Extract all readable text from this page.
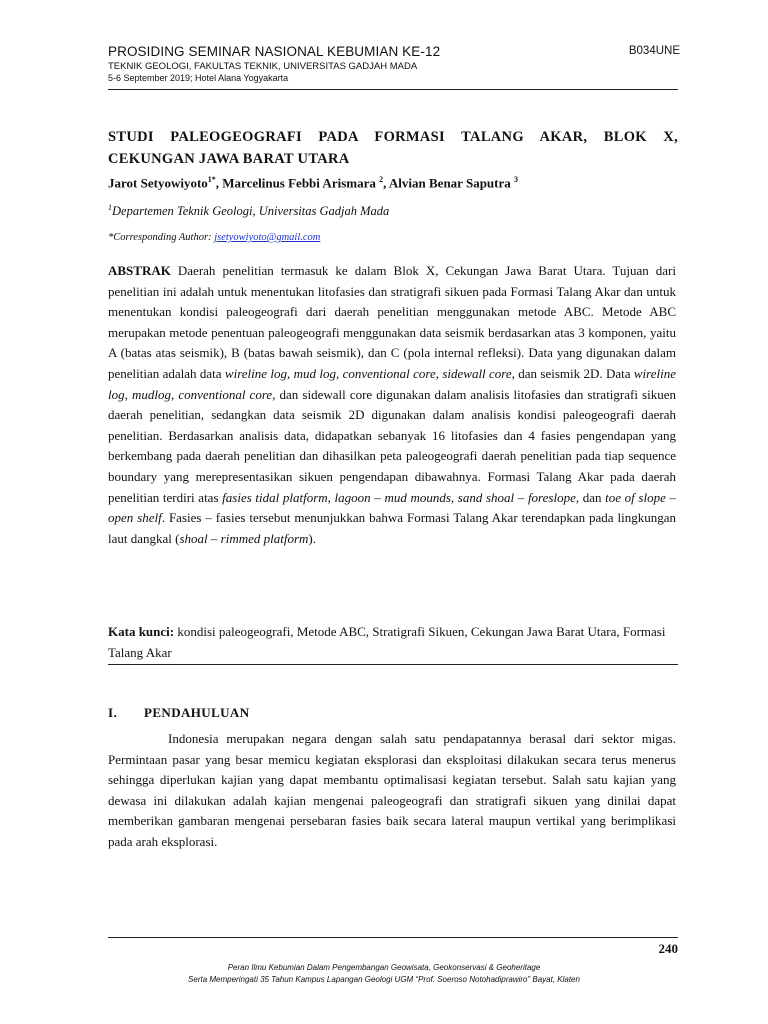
PROSIDING SEMINAR NASIONAL KEBUMIAN KE-12	B034UNE
TEKNIK GEOLOGI, FAKULTAS TEKNIK, UNIVERSITAS GADJAH MADA
5-6 September 2019; Hotel Alana Yogyakarta
STUDI PALEOGEOGRAFI PADA FORMASI TALANG AKAR, BLOK X, CEKUNGAN JAWA BARAT UTARA
Jarot Setyowiyoto$^{1*}$, Marcelinus Febbi Arismara $^2$, Alvian Benar Saputra $^3$
$^1$Departemen Teknik Geologi, Universitas Gadjah Mada
*Corresponding Author: jsetyowiyoto@gmail.com
ABSTRAK Daerah penelitian termasuk ke dalam Blok X, Cekungan Jawa Barat Utara. Tujuan dari penelitian ini adalah untuk menentukan litofasies dan stratigrafi sikuen pada Formasi Talang Akar dan untuk menentukan kondisi paleogeografi dari daerah penelitian menggunakan metode ABC. Metode ABC merupakan metode penentuan paleogeografi menggunakan data seismik berdasarkan atas 3 komponen, yaitu A (batas atas seismik), B (batas bawah seismik), dan C (pola internal refleksi). Data yang digunakan dalam penelitian adalah data wireline log, mud log, conventional core, sidewall core, dan seismik 2D. Data wireline log, mudlog, conventional core, dan sidewall core digunakan dalam analisis litofasies dan stratigrafi sikuen daerah penelitian, sedangkan data seismik 2D digunakan dalam analisis kondisi paleogeografi daerah penelitian. Berdasarkan analisis data, didapatkan sebanyak 16 litofasies dan 4 fasies pengendapan yang berkembang pada daerah penelitian dan dihasilkan peta paleogeografi daerah penelitian pada tiap sequence boundary yang merepresentasikan sikuen pengendapan dibawahnya. Formasi Talang Akar pada daerah penelitian terdiri atas fasies tidal platform, lagoon – mud mounds, sand shoal – foreslope, dan toe of slope – open shelf. Fasies – fasies tersebut menunjukkan bahwa Formasi Talang Akar terendapkan pada lingkungan laut dangkal (shoal – rimmed platform).
Kata kunci: kondisi paleogeografi, Metode ABC, Stratigrafi Sikuen, Cekungan Jawa Barat Utara, Formasi Talang Akar
I. PENDAHULUAN
Indonesia merupakan negara dengan salah satu pendapatannya berasal dari sektor migas. Permintaan pasar yang besar memicu kegiatan eksplorasi dan eksploitasi dilakukan secara terus menerus sehingga diperlukan kajian yang dapat membantu optimalisasi kegiatan tersebut. Salah satu kajian yang dewasa ini dilakukan adalah kajian mengenai paleogeografi dan stratigrafi sikuen yang dinilai dapat memberikan gambaran mengenai persebaran fasies baik secara lateral maupun vertikal yang berimplikasi pada arah eksplorasi.
240
Peran Ilmu Kebumian Dalam Pengembangan Geowisata, Geokonservasi & Geoheritage
Serta Memperingati 35 Tahun Kampus Lapangan Geologi UGM “Prof. Soeroso Notohadiprawiro” Bayat, Klaten
